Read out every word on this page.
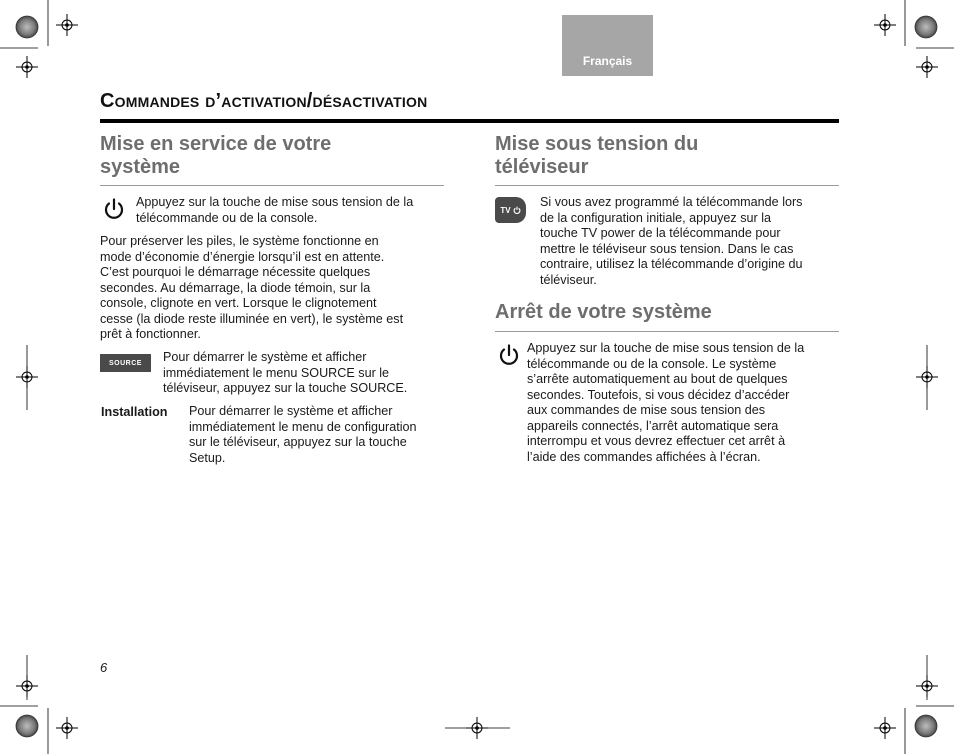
Français
Commandes d’activation/désactivation
Mise en service de votre
système
Appuyez sur la touche de mise sous tension de la
télécommande ou de la console.
Pour préserver les piles, le système fonctionne en
mode d’économie d’énergie lorsqu’il est en attente.
C’est pourquoi le démarrage nécessite quelques
secondes. Au démarrage, la diode témoin, sur la
console, clignote en vert. Lorsque le clignotement
cesse (la diode reste illuminée en vert), le système est
prêt à fonctionner.
SOURCE Pour démarrer le système et afficher
immédiatement le menu SOURCE sur le
téléviseur, appuyez sur la touche SOURCE.
Installation Pour démarrer le système et afficher
immédiatement le menu de configuration
sur le téléviseur, appuyez sur la touche
Setup.
Mise sous tension du
téléviseur
TV
Si vous avez programmé la télécommande lors
de la configuration initiale, appuyez sur la
touche TV power de la télécommande pour
mettre le téléviseur sous tension. Dans le cas
contraire, utilisez la télécommande d’origine du
téléviseur.
Arrêt de votre système
Appuyez sur la touche de mise sous tension de la
télécommande ou de la console. Le système
s’arrête automatiquement au bout de quelques
secondes. Toutefois, si vous décidez d’accéder
aux commandes de mise sous tension des
appareils connectés, l’arrêt automatique sera
interrompu et vous devrez effectuer cet arrêt à
l’aide des commandes affichées à l’écran.
6
